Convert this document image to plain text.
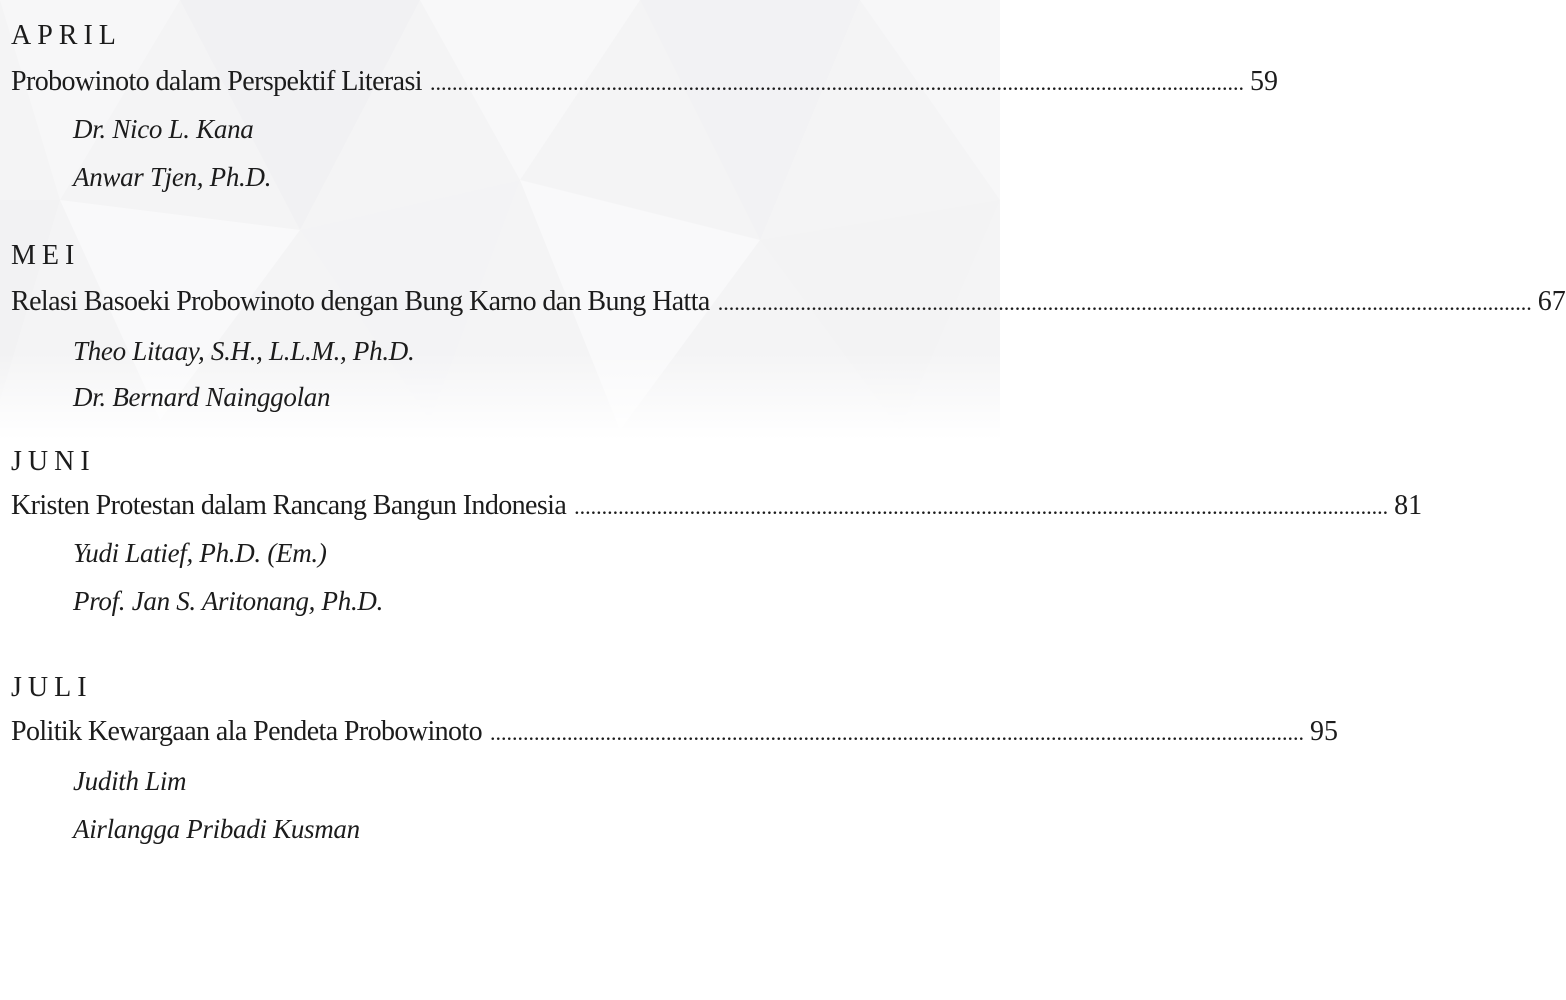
APRIL
Probowinoto dalam Perspektif Literasi .................................................................................................................................................... 59
Dr. Nico L. Kana
Anwar Tjen, Ph.D.
MEI
Relasi Basoeki Probowinoto dengan Bung Karno dan Bung Hatta .................................................................................................................................................... 67
Theo Litaay, S.H., L.L.M., Ph.D.
Dr. Bernard Nainggolan
JUNI
Kristen Protestan dalam Rancang Bangun Indonesia .................................................................................................................................................... 81
Yudi Latief, Ph.D. (Em.)
Prof. Jan S. Aritonang, Ph.D.
JULI
Politik Kewargaan ala Pendeta Probowinoto .................................................................................................................................................... 95
Judith Lim
Airlangga Pribadi Kusman
